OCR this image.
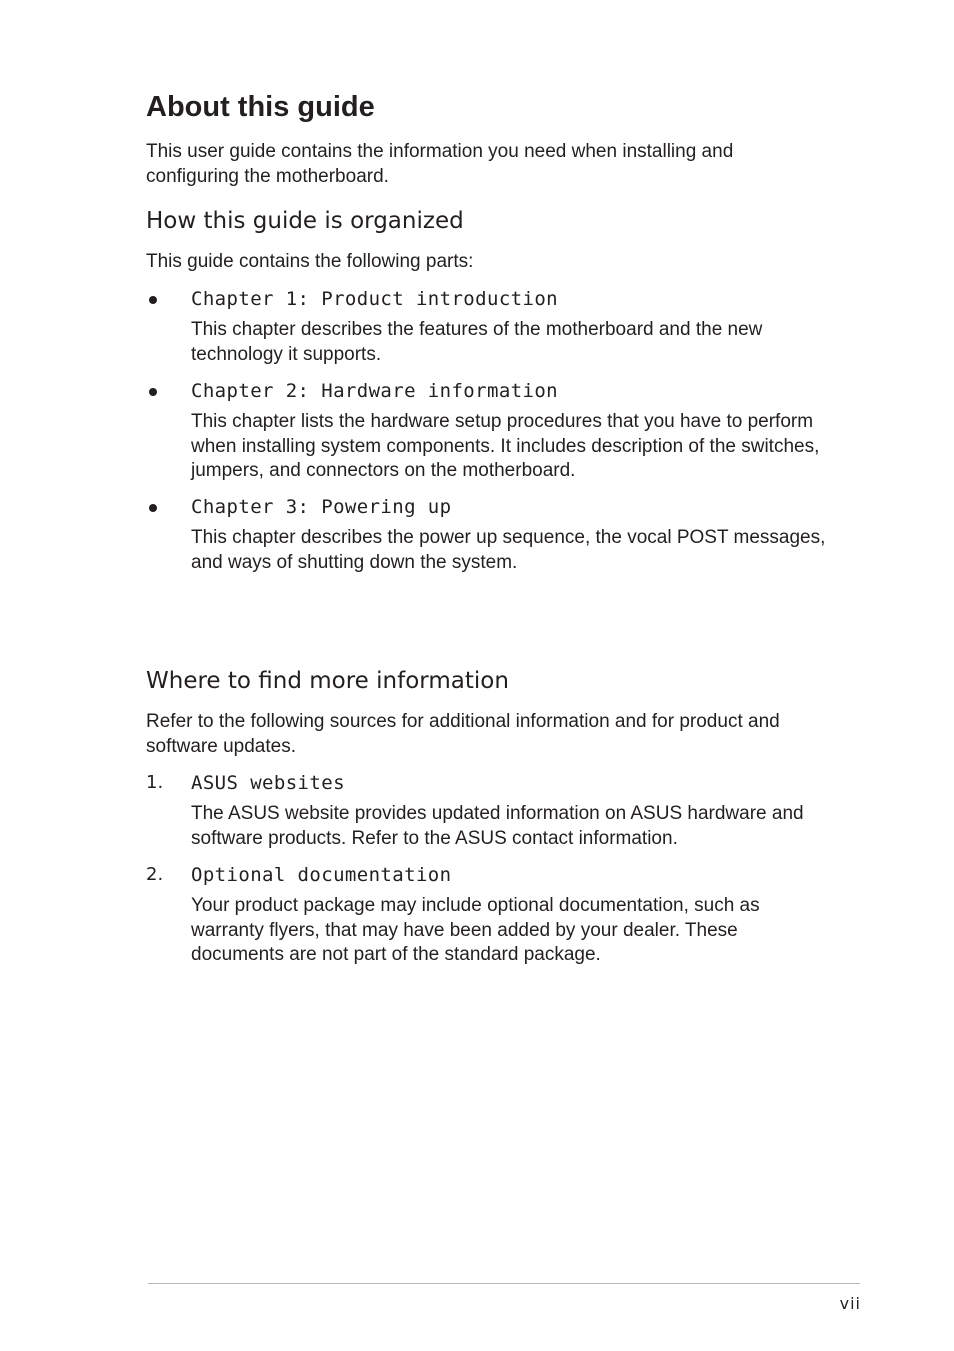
About this guide

This user guide contains the information you need when installing and configuring the motherboard.

How this guide is organized

This guide contains the following parts:

Chapter 1: Product introduction

This chapter describes the features of the motherboard and the new technology it supports.

Chapter 2: Hardware information

This chapter lists the hardware setup procedures that you have to perform when installing system components. It includes description of the switches, jumpers, and connectors on the motherboard.

Chapter 3: Powering up

This chapter describes the power up sequence, the vocal POST messages, and ways of shutting down the system.

Where to find more information

Refer to the following sources for additional information and for product and software updates.

1. ASUS websites

The ASUS website provides updated information on ASUS hardware and software products. Refer to the ASUS contact information.

2. Optional documentation

Your product package may include optional documentation, such as warranty flyers, that may have been added by your dealer. These documents are not part of the standard package.

vii
